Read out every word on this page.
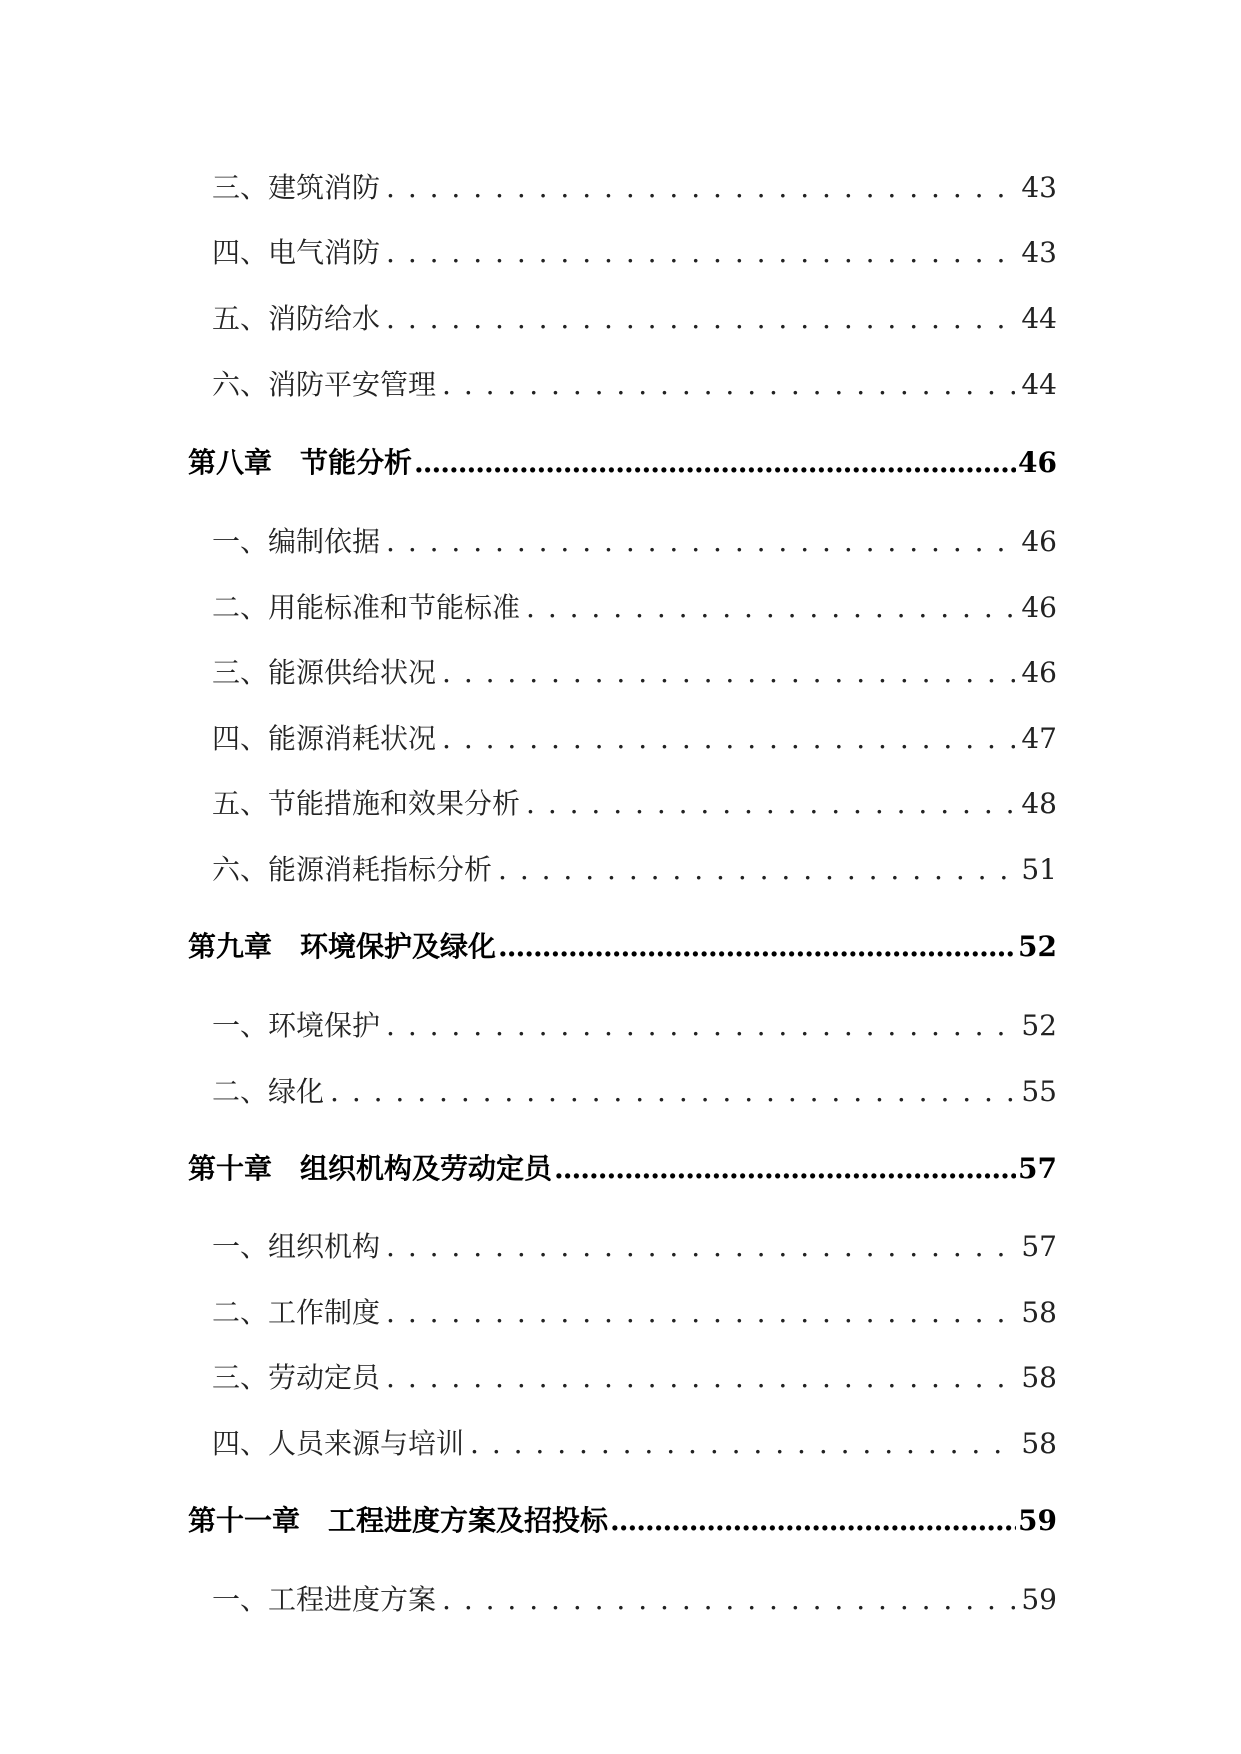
三、建筑消防 . . .	43
四、电气消防 . . .	43
五、消防给水 . . .	44
六、消防平安管理 . . .	44
第八章 节能分析 .....	46
一、编制依据 . . .	46
二、用能标准和节能标准 . . .	46
三、能源供给状况 . . .	46
四、能源消耗状况 . . .	47
五、节能措施和效果分析 . . .	48
六、能源消耗指标分析 . . .	51
第九章 环境保护及绿化 .....	52
一、环境保护 . . .	52
二、绿化 . . .	55
第十章 组织机构及劳动定员 .....	57
一、组织机构 . . .	57
二、工作制度 . . .	58
三、劳动定员 . . .	58
四、人员来源与培训 . . .	58
第十一章 工程进度方案及招投标 .....	59
一、工程进度方案 . . .	59
